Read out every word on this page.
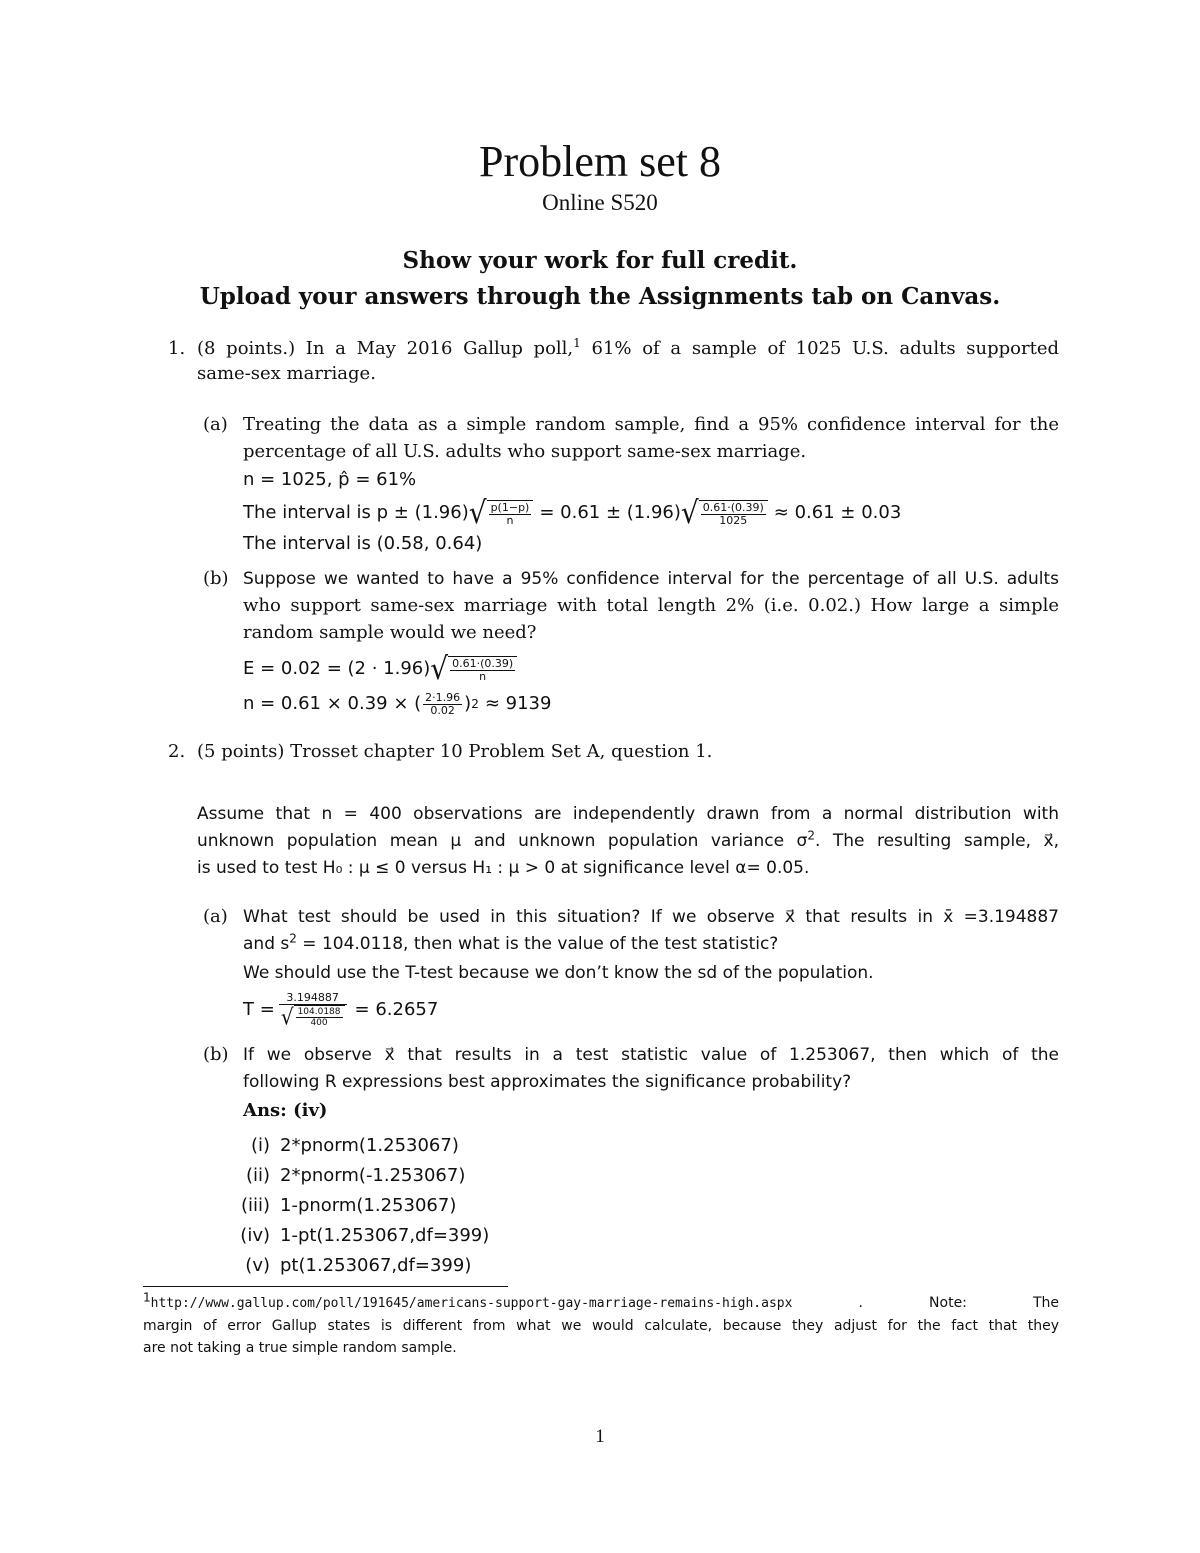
Problem set 8
Online S520
Show your work for full credit.
Upload your answers through the Assignments tab on Canvas.
1. (8 points.) In a May 2016 Gallup poll,$^1$ 61% of a sample of 1025 U.S. adults supported
same-sex marriage.
(a) Treating the data as a simple random sample, find a 95% confidence interval for the
percentage of all U.S. adults who support same-sex marriage.
n = 1025, p̂ = 61%
The interval is p ± (1.96) √ $\frac{p(1-p)}{n} = 0.61 \pm (1.96)$ √ $\frac{0.61\cdot(0.39)}{1025} \approx 0.61 \pm 0.03$
The interval is (0.58, 0.64)
(b) Suppose we wanted to have a 95% confidence interval for the percentage of all U.S. adults
who support same-sex marriage with total length 2% (i.e. 0.02.) How large a simple
random sample would we need?
E = 0.02 = (2 · 1.96) √ $\frac{0.61\cdot(0.39)}{n}$
n = 0.61 × 0.39 × ( $\frac{2\cdot 1.96}{0.02}$ ) 2 ≈ 9139
2. (5 points) Trosset chapter 10 Problem Set A, question 1.
Assume that n = 400 observations are independently drawn from a normal distribution with
unknown population mean μ and unknown population variance $\sigma^2$. The resulting sample, x⃗,
is used to test H₀ : μ ≤ 0 versus H₁ : μ > 0 at significance level α= 0.05.
(a) What test should be used in this situation? If we observe x⃗ that results in x̄ =3.194887
and $s^2 = 104.0118$, then what is the value of the test statistic?
We should use the T-test because we don’t know the sd of the population.
$T = \frac{3.194887}{√ \frac{104.0188}{400}} = 6.2657$
(b) If we observe x⃗ that results in a test statistic value of 1.253067, then which of the
following R expressions best approximates the significance probability?
Ans: (iv)
(i) 2*pnorm(1.253067)
(ii) 2*pnorm(-1.253067)
(iii) 1-pnorm(1.253067)
(iv) 1-pt(1.253067,df=399)
(v) pt(1.253067,df=399)
$^1$http://www.gallup.com/poll/191645/americans-support-gay-marriage-remains-high.aspx	. Note: The
margin of error Gallup states is different from what we would calculate, because they adjust for the fact that they
are not taking a true simple random sample.
1
